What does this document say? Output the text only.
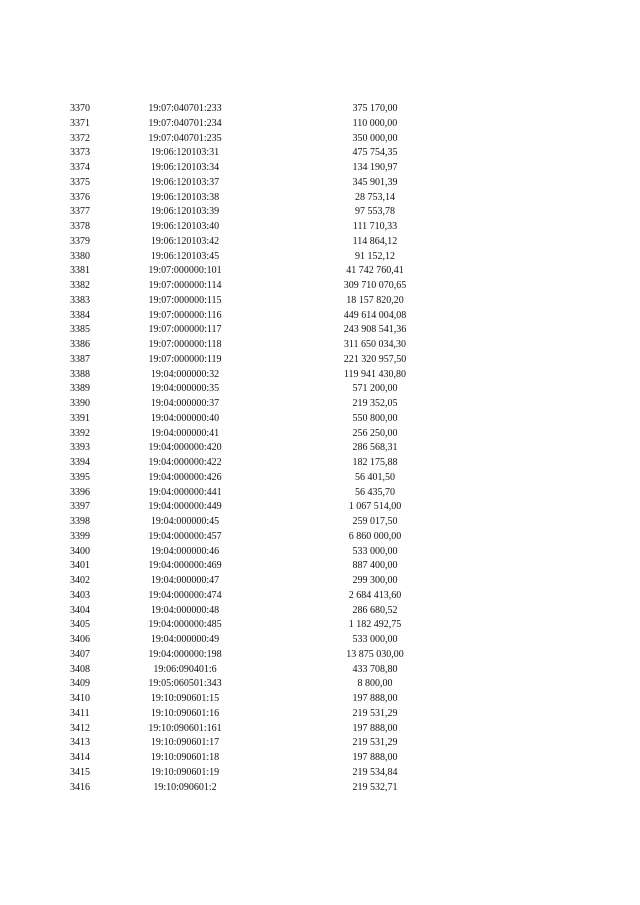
3370	19:07:040701:233	375 170,00
3371	19:07:040701:234	110 000,00
3372	19:07:040701:235	350 000,00
3373	19:06:120103:31	475 754,35
3374	19:06:120103:34	134 190,97
3375	19:06:120103:37	345 901,39
3376	19:06:120103:38	28 753,14
3377	19:06:120103:39	97 553,78
3378	19:06:120103:40	111 710,33
3379	19:06:120103:42	114 864,12
3380	19:06:120103:45	91 152,12
3381	19:07:000000:101	41 742 760,41
3382	19:07:000000:114	309 710 070,65
3383	19:07:000000:115	18 157 820,20
3384	19:07:000000:116	449 614 004,08
3385	19:07:000000:117	243 908 541,36
3386	19:07:000000:118	311 650 034,30
3387	19:07:000000:119	221 320 957,50
3388	19:04:000000:32	119 941 430,80
3389	19:04:000000:35	571 200,00
3390	19:04:000000:37	219 352,05
3391	19:04:000000:40	550 800,00
3392	19:04:000000:41	256 250,00
3393	19:04:000000:420	286 568,31
3394	19:04:000000:422	182 175,88
3395	19:04:000000:426	56 401,50
3396	19:04:000000:441	56 435,70
3397	19:04:000000:449	1 067 514,00
3398	19:04:000000:45	259 017,50
3399	19:04:000000:457	6 860 000,00
3400	19:04:000000:46	533 000,00
3401	19:04:000000:469	887 400,00
3402	19:04:000000:47	299 300,00
3403	19:04:000000:474	2 684 413,60
3404	19:04:000000:48	286 680,52
3405	19:04:000000:485	1 182 492,75
3406	19:04:000000:49	533 000,00
3407	19:04:000000:198	13 875 030,00
3408	19:06:090401:6	433 708,80
3409	19:05:060501:343	8 800,00
3410	19:10:090601:15	197 888,00
3411	19:10:090601:16	219 531,29
3412	19:10:090601:161	197 888,00
3413	19:10:090601:17	219 531,29
3414	19:10:090601:18	197 888,00
3415	19:10:090601:19	219 534,84
3416	19:10:090601:2	219 532,71
